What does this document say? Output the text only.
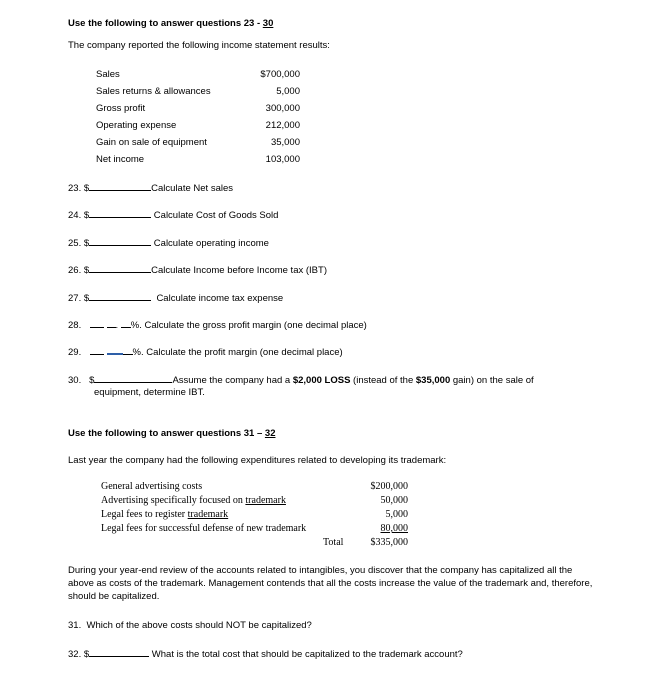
Use the following to answer questions 23 - 30
The company reported the following income statement results:
Sales	$700,000
Sales returns & allowances	5,000
Gross profit	300,000
Operating expense	212,000
Gain on sale of equipment	35,000
Net income	103,000
23. $	Calculate Net sales
24. $	Calculate Cost of Goods Sold
25. $	Calculate operating income
26. $	Calculate Income before Income tax (IBT)
27. $	Calculate income tax expense
28.	. %. Calculate the gross profit margin (one decimal place)
29.	%. Calculate the profit margin (one decimal place)
30. $	Assume the company had a $2,000 LOSS (instead of the $35,000 gain) on the sale of
equipment, determine IBT.
Use the following to answer questions 31 – 32
Last year the company had the following expenditures related to developing its trademark:
General advertising costs	$200,000
Advertising specifically focused on trademark	50,000
Legal fees to register trademark	5,000
Legal fees for successful defense of new trademark	80,000
Total	$335,000
During your year-end review of the accounts related to intangibles, you discover that the company has capitalized all the above as costs of the trademark. Management contends that all the costs increase the value of the trademark and, therefore, should be capitalized.
31. Which of the above costs should NOT be capitalized?
32. $	What is the total cost that should be capitalized to the trademark account?
